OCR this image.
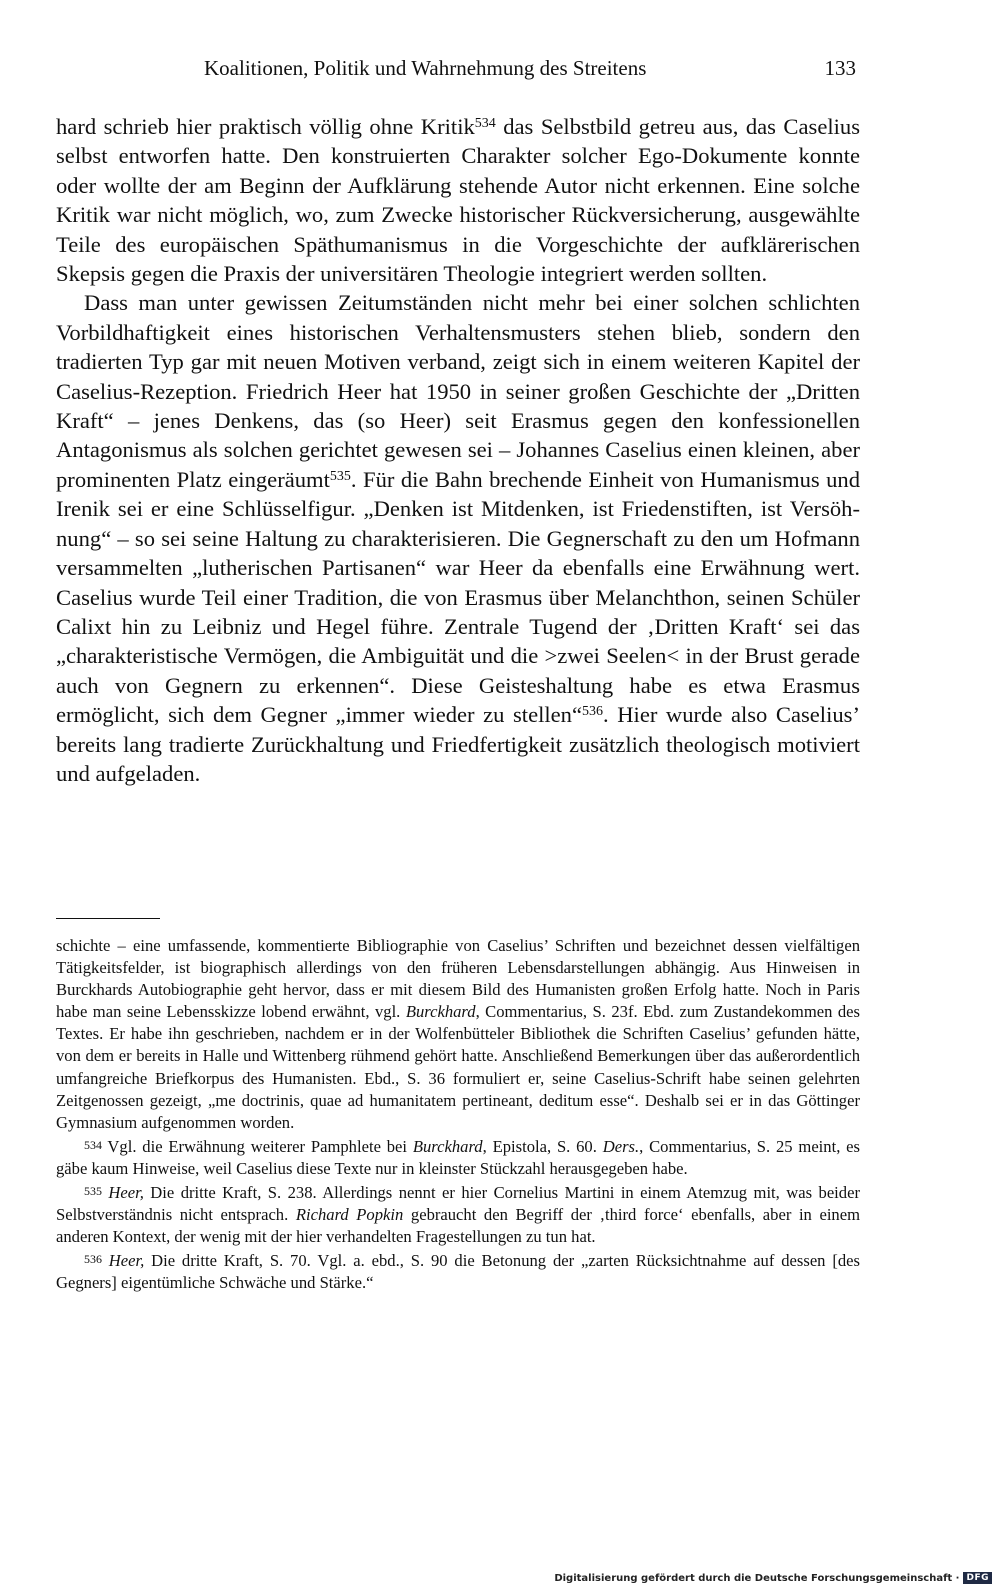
Koalitionen, Politik und Wahrnehmung des Streitens	133

hard schrieb hier praktisch völlig ohne Kritik$^{534}$ das Selbstbild getreu aus, das Caselius selbst entworfen hatte. Den konstruierten Charakter solcher Ego-Dokumente konnte oder wollte der am Beginn der Aufklärung stehende Autor nicht erkennen. Eine solche Kritik war nicht möglich, wo, zum Zwecke historischer Rückversicherung, ausgewählte Teile des europäischen Späthumanismus in die Vorgeschichte der aufklärerischen Skepsis gegen die Praxis der universitären Theologie integriert werden sollten.

Dass man unter gewissen Zeitumständen nicht mehr bei einer solchen schlichten Vorbildhaftigkeit eines historischen Verhaltensmusters stehen blieb, sondern den tradierten Typ gar mit neuen Motiven verband, zeigt sich in einem weiteren Kapitel der Caselius-Rezeption. Friedrich Heer hat 1950 in seiner großen Geschichte der „Dritten Kraft“ – jenes Denkens, das (so Heer) seit Erasmus gegen den konfessionellen Antagonismus als solchen gerichtet gewesen sei – Johannes Caselius einen kleinen, aber prominenten Platz eingeräumt$^{535}$. Für die Bahn brechende Einheit von Humanismus und Irenik sei er eine Schlüsselfigur. „Denken ist Mitdenken, ist Friedenstiften, ist Versöhnung“ – so sei seine Haltung zu charakterisieren. Die Gegnerschaft zu den um Hofmann versammelten „lutherischen Partisanen“ war Heer da ebenfalls eine Erwähnung wert. Caselius wurde Teil einer Tradition, die von Erasmus über Melanchthon, seinen Schüler Calixt hin zu Leibniz und Hegel führe. Zentrale Tugend der ‚Dritten Kraft‘ sei das „charakteristische Vermögen, die Ambiguität und die >zwei Seelen< in der Brust gerade auch von Gegnern zu erkennen“. Diese Geisteshaltung habe es etwa Erasmus ermöglicht, sich dem Gegner „immer wieder zu stellen“$^{536}$. Hier wurde also Caselius’ bereits lang tradierte Zurückhaltung und Friedfertigkeit zusätzlich theologisch motiviert und aufgeladen.

schichte – eine umfassende, kommentierte Bibliographie von Caselius’ Schriften und bezeichnet dessen vielfältigen Tätigkeitsfelder, ist biographisch allerdings von den früheren Lebensdarstellungen abhängig. Aus Hinweisen in Burckhards Autobiographie geht hervor, dass er mit diesem Bild des Humanisten großen Erfolg hatte. Noch in Paris habe man seine Lebensskizze lobend erwähnt, vgl. Burckhard, Commentarius, S. 23f. Ebd. zum Zustandekommen des Textes. Er habe ihn geschrieben, nachdem er in der Wolfenbütteler Bibliothek die Schriften Caselius’ gefunden hätte, von dem er bereits in Halle und Wittenberg rühmend gehört hatte. Anschließend Bemerkungen über das außerordentlich umfangreiche Briefkorpus des Humanisten. Ebd., S. 36 formuliert er, seine Caselius-Schrift habe seinen gelehrten Zeitgenossen gezeigt, „me doctrinis, quae ad humanitatem pertineant, deditum esse“. Deshalb sei er in das Göttinger Gymnasium aufgenommen worden.

534 Vgl. die Erwähnung weiterer Pamphlete bei Burckhard, Epistola, S. 60. Ders., Commentarius, S. 25 meint, es gäbe kaum Hinweise, weil Caselius diese Texte nur in kleinster Stückzahl herausgegeben habe.

535 Heer, Die dritte Kraft, S. 238. Allerdings nennt er hier Cornelius Martini in einem Atemzug mit, was beider Selbstverständnis nicht entsprach. Richard Popkin gebraucht den Begriff der ‚third force‘ ebenfalls, aber in einem anderen Kontext, der wenig mit der hier verhandelten Fragestellungen zu tun hat.

536 Heer, Die dritte Kraft, S. 70. Vgl. a. ebd., S. 90 die Betonung der „zarten Rücksichtnahme auf dessen [des Gegners] eigentümliche Schwäche und Stärke.“

Digitalisierung gefördert durch die Deutsche Forschungsgemeinschaft · DFG
